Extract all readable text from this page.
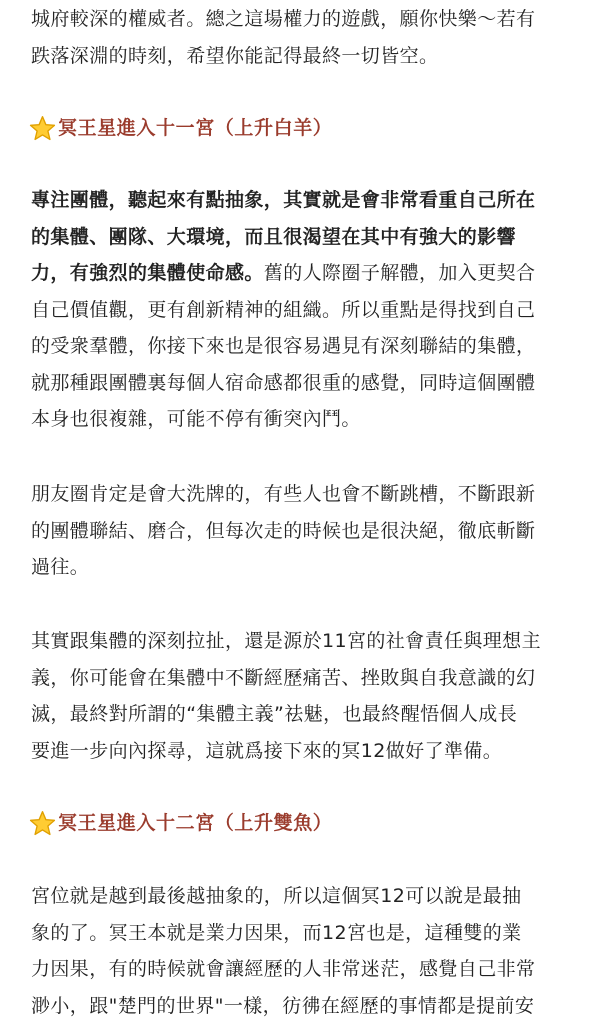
城府較深的權威者。總之這場權力的遊戲，願你快樂～若有
跌落深淵的時刻，希望你能記得最終一切皆空。

冥王星進入十一宮（上升白羊）

專注團體，聽起來有點抽象，其實就是會非常看重自己所在
的集體、團隊、大環境，而且很渴望在其中有強大的影響
力，有強烈的集體使命感。舊的人際圈子解體，加入更契合
自己價值觀，更有創新精神的組織。所以重點是得找到自己
的受衆羣體，你接下來也是很容易遇見有深刻聯結的集體，
就那種跟團體裏每個人宿命感都很重的感覺，同時這個團體
本身也很複雜，可能不停有衝突內鬥。

朋友圈肯定是會大洗牌的，有些人也會不斷跳槽，不斷跟新
的團體聯結、磨合，但每次走的時候也是很決絕，徹底斬斷
過往。

其實跟集體的深刻拉扯，還是源於11宮的社會責任與理想主
義，你可能會在集體中不斷經歷痛苦、挫敗與自我意識的幻
滅，最終對所謂的“集體主義”祛魅，也最終醒悟個人成長
要進一步向內探尋，這就爲接下來的冥12做好了準備。

冥王星進入十二宮（上升雙魚）

宮位就是越到最後越抽象的，所以這個冥12可以說是最抽
象的了。冥王本就是業力因果，而12宮也是，這種雙的業
力因果，有的時候就會讓經歷的人非常迷茫，感覺自己非常
渺小，跟"楚門的世界"一樣，彷彿在經歷的事情都是提前安
